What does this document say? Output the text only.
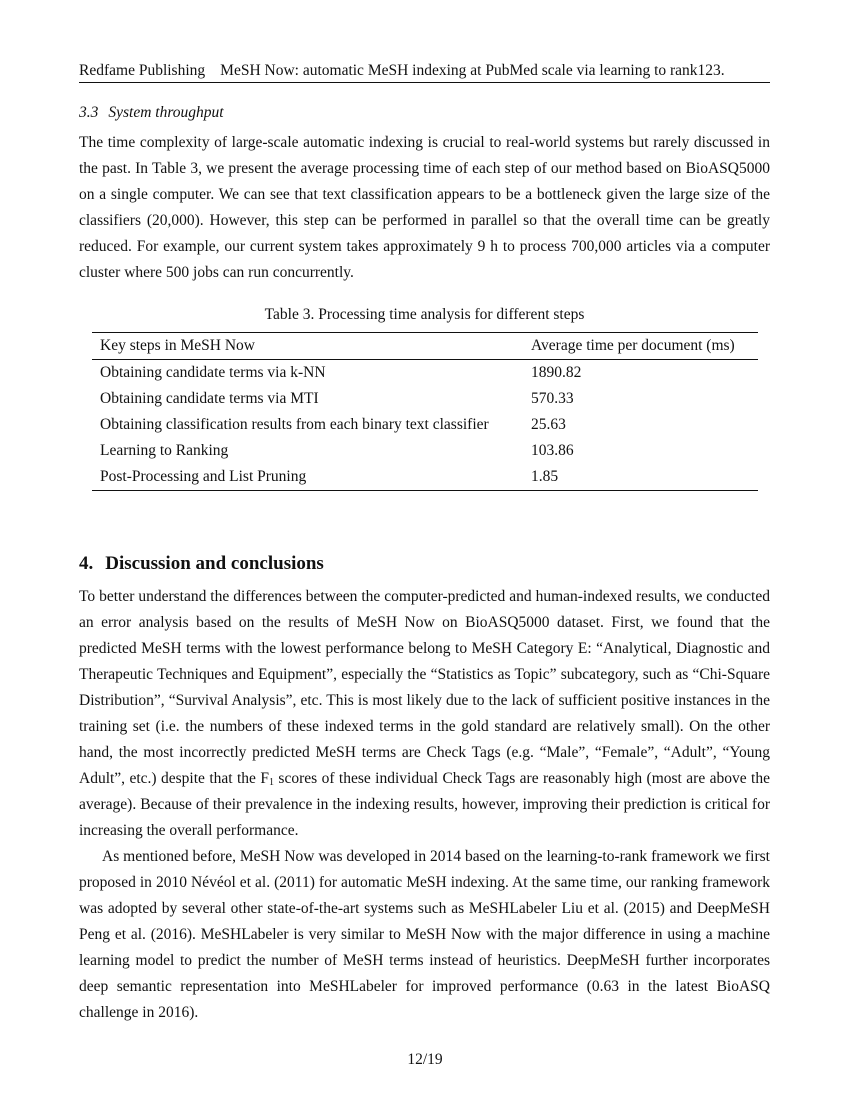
Redfame Publishing MeSH Now: automatic MeSH indexing at PubMed scale via learning to rank123.
3.3 System throughput

The time complexity of large-scale automatic indexing is crucial to real-world systems but rarely discussed in the past. In Table 3, we present the average processing time of each step of our method based on BioASQ5000 on a single computer. We can see that text classification appears to be a bottleneck given the large size of the classifiers (20,000). However, this step can be performed in parallel so that the overall time can be greatly reduced. For example, our current system takes approximately 9 h to process 700,000 articles via a computer cluster where 500 jobs can run concurrently.

Table 3. Processing time analysis for different steps
Key steps in MeSH Now	Average time per document (ms)
Obtaining candidate terms via k-NN	1890.82
Obtaining candidate terms via MTI	570.33
Obtaining classification results from each binary text classifier	25.63
Learning to Ranking	103.86
Post-Processing and List Pruning	1.85
4. Discussion and conclusions

To better understand the differences between the computer-predicted and human-indexed results, we conducted an error analysis based on the results of MeSH Now on BioASQ5000 dataset. First, we found that the predicted MeSH terms with the lowest performance belong to MeSH Category E: “Analytical, Diagnostic and Therapeutic Techniques and Equipment”, especially the “Statistics as Topic” subcategory, such as “Chi-Square Distribution”, “Survival Analysis”, etc. This is most likely due to the lack of sufficient positive instances in the training set (i.e. the numbers of these indexed terms in the gold standard are relatively small). On the other hand, the most incorrectly predicted MeSH terms are Check Tags (e.g. “Male”, “Female”, “Adult”, “Young Adult”, etc.) despite that the $F_1$ scores of these individual Check Tags are reasonably high (most are above the average). Because of their prevalence in the indexing results, however, improving their prediction is critical for increasing the overall performance.

As mentioned before, MeSH Now was developed in 2014 based on the learning-to-rank framework we first proposed in 2010 Névéol et al. (2011) for automatic MeSH indexing. At the same time, our ranking framework was adopted by several other state-of-the-art systems such as MeSHLabeler Liu et al. (2015) and DeepMeSH Peng et al. (2016). MeSHLabeler is very similar to MeSH Now with the major difference in using a machine learning model to predict the number of MeSH terms instead of heuristics. DeepMeSH further incorporates deep semantic representation into MeSHLabeler for improved performance (0.63 in the latest BioASQ challenge in 2016).

12/19
